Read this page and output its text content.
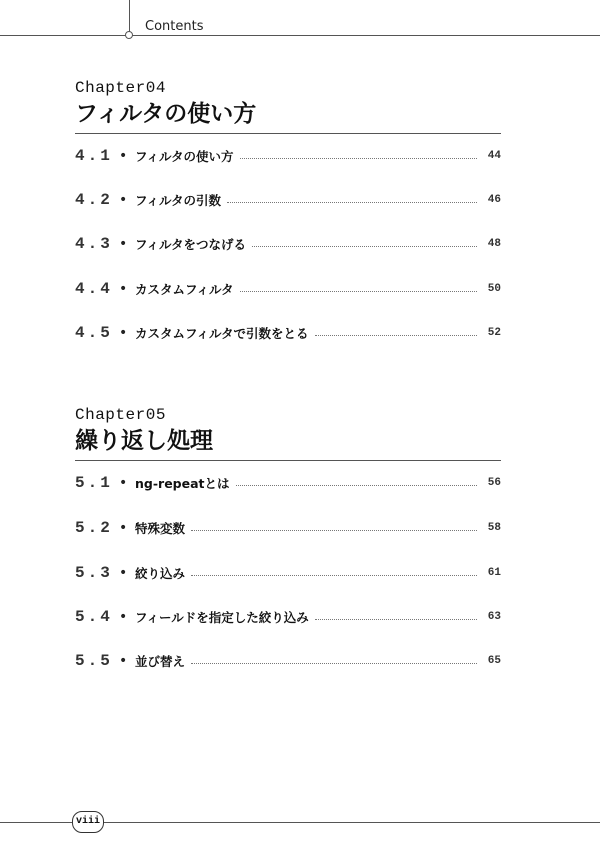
Contents
Chapter04
フィルタの使い方
4.1 • フィルタの使い方	44
4.2 • フィルタの引数	46
4.3 • フィルタをつなげる	48
4.4 • カスタムフィルタ	50
4.5 • カスタムフィルタで引数をとる	52
Chapter05
繰り返し処理
5.1 • ng-repeatとは	56
5.2 • 特殊変数	58
5.3 • 絞り込み	61
5.4 • フィールドを指定した絞り込み	63
5.5 • 並び替え	65
viii
